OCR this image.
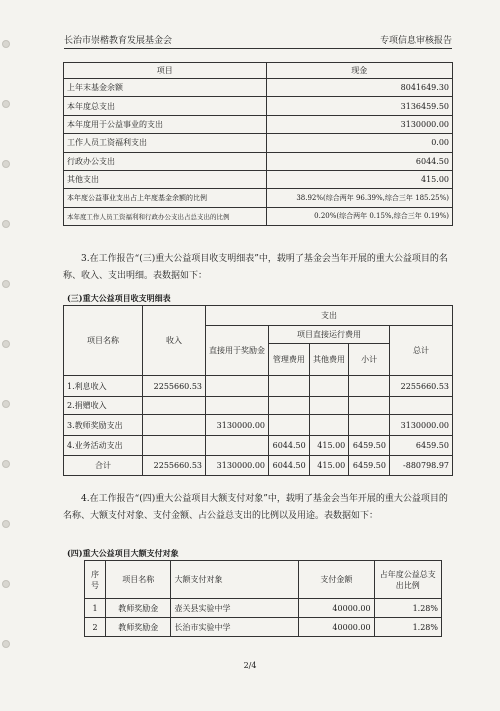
长治市崇楷教育发展基金会	专项信息审核报告
项目	现金
上年末基金余额	8041649.30
本年度总支出	3136459.50
本年度用于公益事业的支出	3130000.00
工作人员工资福利支出	0.00
行政办公支出	6044.50
其他支出	415.00
本年度公益事业支出占上年度基金余额的比例	38.92%(综合两年 96.39%,综合三年 185.25%)
本年度工作人员工资福利和行政办公支出占总支出的比例	0.20%(综合两年 0.15%,综合三年 0.19%)

3.在工作报告“(三)重大公益项目收支明细表”中，载明了基金会当年开展的重大公益项目的名称、收入、支出明细。表数据如下：

(三)重大公益项目收支明细表
项目名称	收入	支出				
		直接用于奖励金	项目直接运行费用			总计
			管理费用	其他费用	小计	
1.利息收入	2255660.53					2255660.53
2.捐赠收入						
3.教师奖励支出		3130000.00				3130000.00
4.业务活动支出			6044.50	415.00	6459.50	6459.50
合计	2255660.53	3130000.00	6044.50	415.00	6459.50	-880798.97

4.在工作报告“(四)重大公益项目大额支付对象”中，载明了基金会当年开展的重大公益项目的名称、大额支付对象、支付金额、占公益总支出的比例以及用途。表数据如下：

(四)重大公益项目大额支付对象
序号	项目名称	大额支付对象	支付金额	占年度公益总支出比例
1	教师奖励金	壶关县实验中学	40000.00	1.28%
2	教师奖励金	长治市实验中学	40000.00	1.28%
2/4
